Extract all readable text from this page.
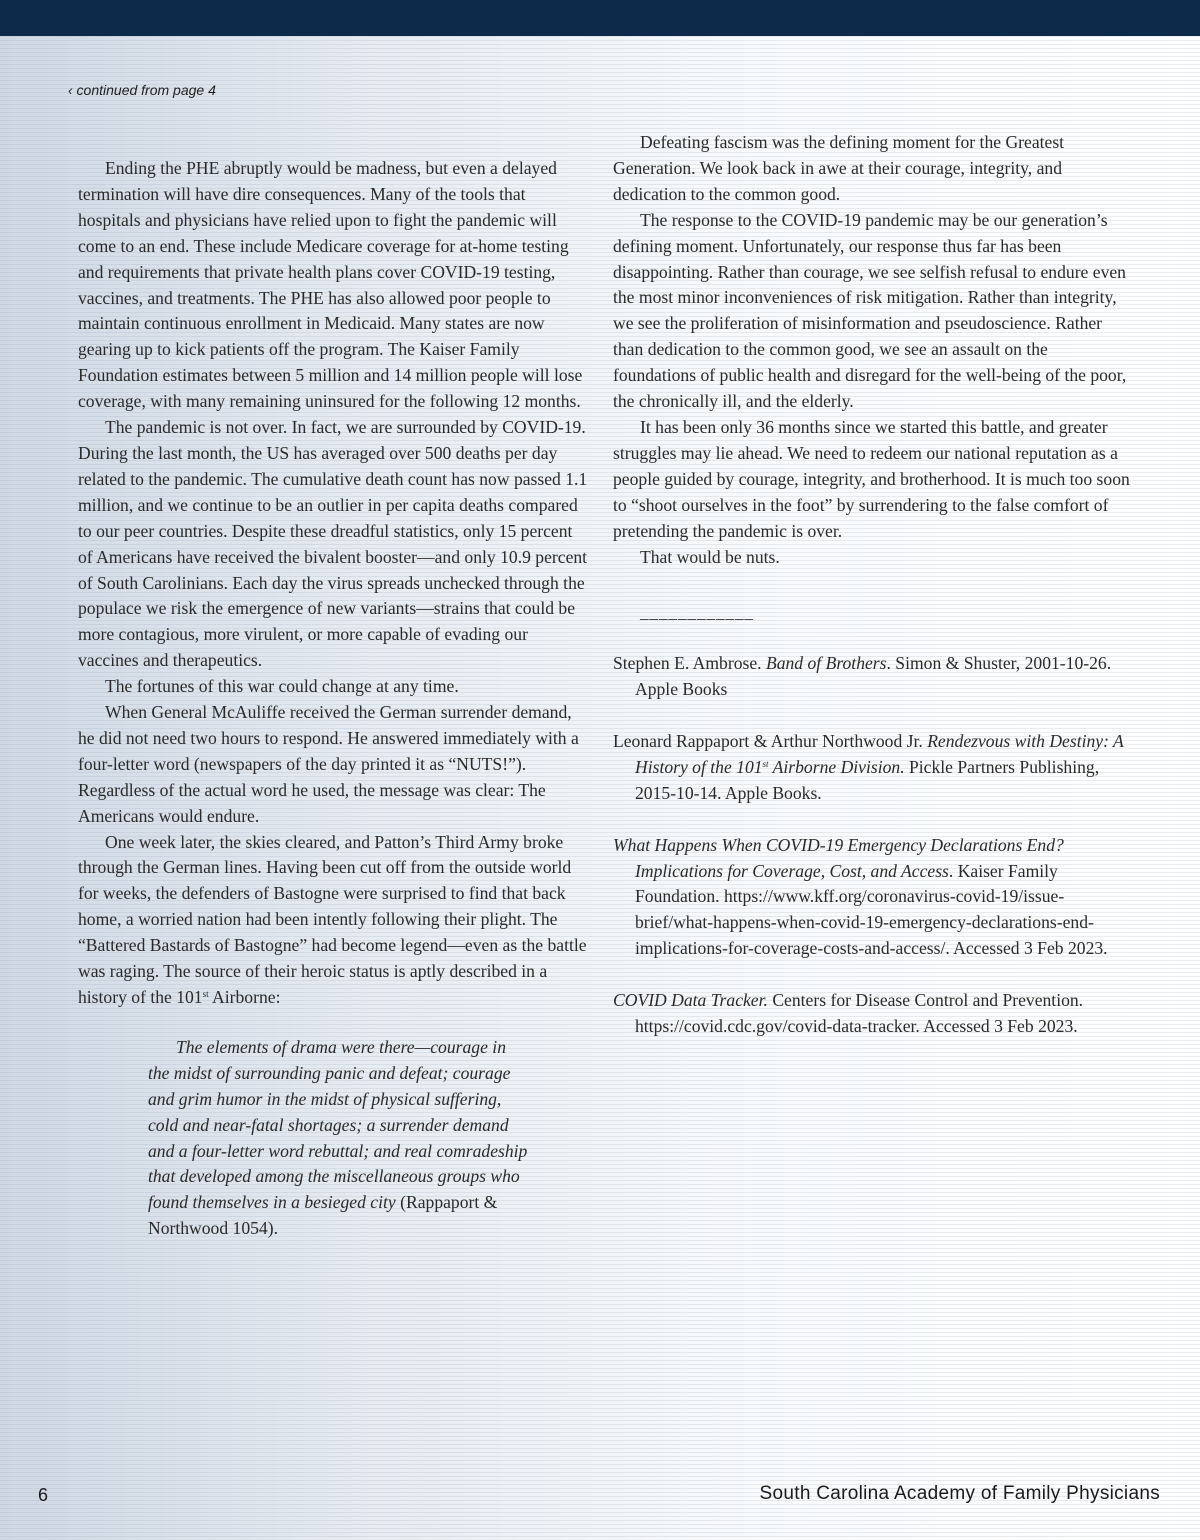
‹ continued from page 4

Ending the PHE abruptly would be madness, but even a delayed termination will have dire consequences. Many of the tools that hospitals and physicians have relied upon to fight the pandemic will come to an end. These include Medicare coverage for at-home testing and requirements that private health plans cover COVID-19 testing, vaccines, and treatments. The PHE has also allowed poor people to maintain continuous enrollment in Medicaid. Many states are now gearing up to kick patients off the program. The Kaiser Family Foundation estimates between 5 million and 14 million people will lose coverage, with many remaining uninsured for the following 12 months.

The pandemic is not over. In fact, we are surrounded by COVID-19. During the last month, the US has averaged over 500 deaths per day related to the pandemic. The cumulative death count has now passed 1.1 million, and we continue to be an outlier in per capita deaths compared to our peer countries. Despite these dreadful statistics, only 15 percent of Americans have received the bivalent booster—and only 10.9 percent of South Carolinians. Each day the virus spreads unchecked through the populace we risk the emergence of new variants—strains that could be more contagious, more virulent, or more capable of evading our vaccines and therapeutics.

The fortunes of this war could change at any time.

When General McAuliffe received the German surrender demand, he did not need two hours to respond. He answered immediately with a four-letter word (newspapers of the day printed it as “NUTS!”). Regardless of the actual word he used, the message was clear: The Americans would endure.

One week later, the skies cleared, and Patton’s Third Army broke through the German lines. Having been cut off from the outside world for weeks, the defenders of Bastogne were surprised to find that back home, a worried nation had been intently following their plight. The “Battered Bastards of Bastogne” had become legend—even as the battle was raging. The source of their heroic status is aptly described in a history of the 101st Airborne:

The elements of drama were there—courage in the midst of surrounding panic and defeat; courage and grim humor in the midst of physical suffering, cold and near-fatal shortages; a surrender demand and a four-letter word rebuttal; and real comradeship that developed among the miscellaneous groups who found themselves in a besieged city (Rappaport & Northwood 1054).

Defeating fascism was the defining moment for the Greatest Generation. We look back in awe at their courage, integrity, and dedication to the common good.

The response to the COVID-19 pandemic may be our generation’s defining moment. Unfortunately, our response thus far has been disappointing. Rather than courage, we see selfish refusal to endure even the most minor inconveniences of risk mitigation. Rather than integrity, we see the proliferation of misinformation and pseudoscience. Rather than dedication to the common good, we see an assault on the foundations of public health and disregard for the well-being of the poor, the chronically ill, and the elderly.

It has been only 36 months since we started this battle, and greater struggles may lie ahead. We need to redeem our national reputation as a people guided by courage, integrity, and brotherhood. It is much too soon to “shoot ourselves in the foot” by surrendering to the false comfort of pretending the pandemic is over.

That would be nuts.

____________
Stephen E. Ambrose. Band of Brothers. Simon & Shuster, 2001-10-26. Apple Books
Leonard Rappaport & Arthur Northwood Jr. Rendezvous with Destiny: A History of the 101st Airborne Division. Pickle Partners Publishing, 2015-10-14. Apple Books.
What Happens When COVID-19 Emergency Declarations End? Implications for Coverage, Cost, and Access. Kaiser Family Foundation. https://www.kff.org/coronavirus-covid-19/issue-brief/what-happens-when-covid-19-emergency-declarations-end-implications-for-coverage-costs-and-access/. Accessed 3 Feb 2023.
COVID Data Tracker. Centers for Disease Control and Prevention. https://covid.cdc.gov/covid-data-tracker. Accessed 3 Feb 2023.
6	South Carolina Academy of Family Physicians
